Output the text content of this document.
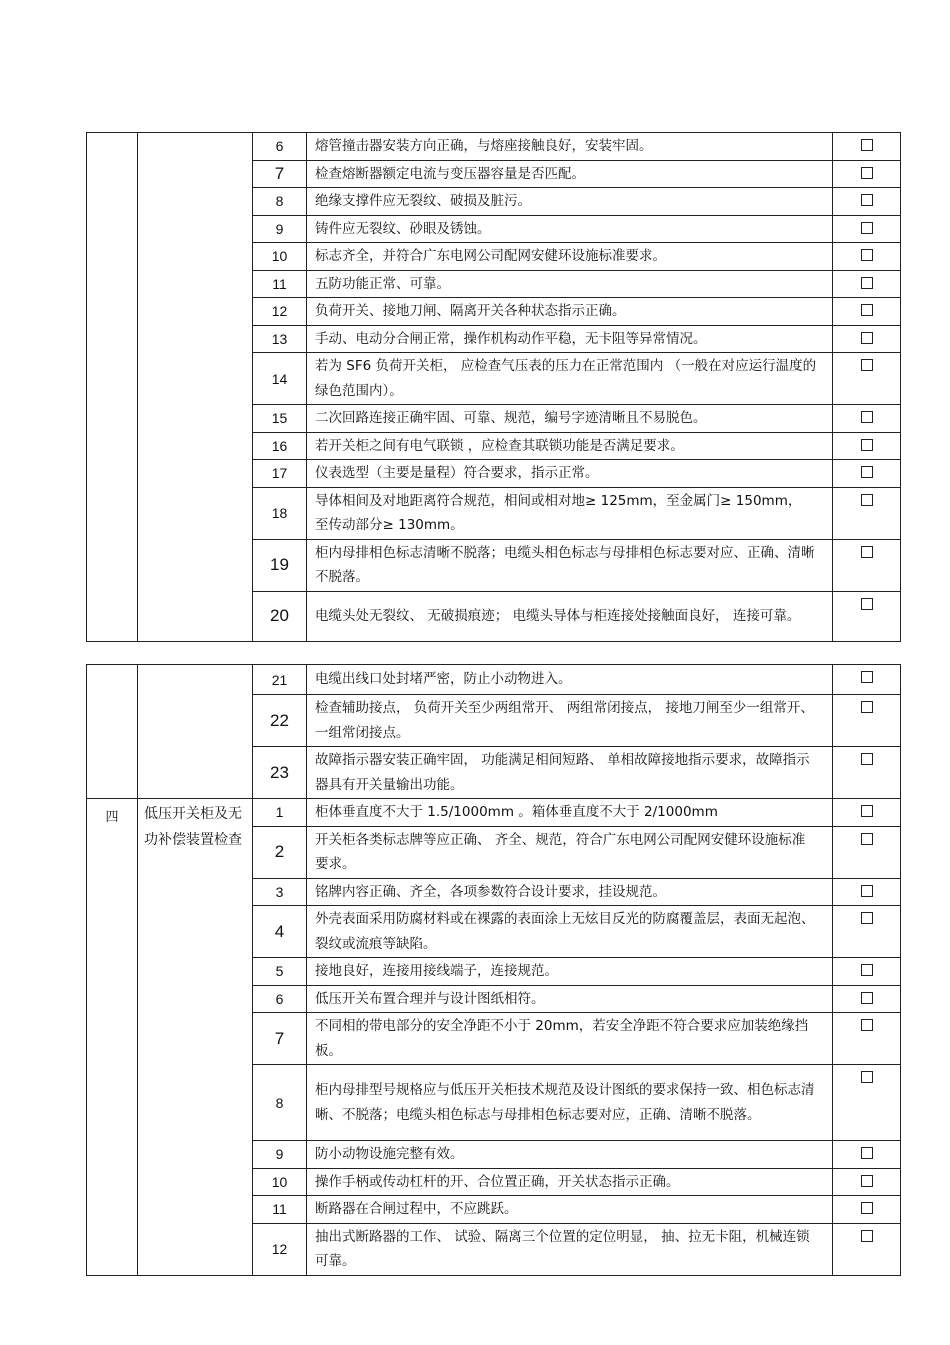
		6	熔管撞击器安装方向正确，与熔座接触良好，安装牢固。	
		7	检查熔断器额定电流与变压器容量是否匹配。	
		8	绝缘支撑件应无裂纹、破损及脏污。	
		9	铸件应无裂纹、砂眼及锈蚀。	
		10	标志齐全，并符合广东电网公司配网安健环设施标准要求。	
		11	五防功能正常、可靠。	
		12	负荷开关、接地刀闸、隔离开关各种状态指示正确。	
		13	手动、电动分合闸正常，操作机构动作平稳，无卡阻等异常情况。	
		14	若为 SF6 负荷开关柜， 应检查气压表的压力在正常范围内 （一般在对应运行温度的绿色范围内）。	
		15	二次回路连接正确牢固、可靠、规范，编号字迹清晰且不易脱色。	
		16	若开关柜之间有电气联锁 ，应检查其联锁功能是否满足要求。	
		17	仪表选型（主要是量程）符合要求，指示正常。	
		18	导体相间及对地距离符合规范，相间或相对地≥ 125mm，至金属门≥ 150mm， 至传动部分≥ 130mm。	
		19	柜内母排相色标志清晰不脱落；电缆头相色标志与母排相色标志要对应、正确、清晰不脱落。	
		20	电缆头处无裂纹、 无破损痕迹； 电缆头导体与柜连接处接触面良好， 连接可靠。	
		21	电缆出线口处封堵严密，防止小动物进入。	
		22	检查辅助接点， 负荷开关至少两组常开、 两组常闭接点， 接地刀闸至少一组常开、一组常闭接点。	
		23	故障指示器安装正确牢固， 功能满足相间短路、 单相故障接地指示要求，故障指示器具有开关量输出功能。	
四	低压开关柜及无功补偿装置检查	1	柜体垂直度不大于 1.5/1000mm 。箱体垂直度不大于 2/1000mm	
		2	开关柜各类标志牌等应正确、 齐全、规范，符合广东电网公司配网安健环设施标准要求。	
		3	铭牌内容正确、齐全，各项参数符合设计要求，挂设规范。	
		4	外壳表面采用防腐材料或在裸露的表面涂上无炫目反光的防腐覆盖层，表面无起泡、裂纹或流痕等缺陷。	
		5	接地良好，连接用接线端子，连接规范。	
		6	低压开关布置合理并与设计图纸相符。	
		7	不同相的带电部分的安全净距不小于 20mm，若安全净距不符合要求应加装绝缘挡板。	
		8	柜内母排型号规格应与低压开关柜技术规范及设计图纸的要求保持一致、相色标志清晰、不脱落；电缆头相色标志与母排相色标志要对应，正确、清晰不脱落。	
		9	防小动物设施完整有效。	
		10	操作手柄或传动杠杆的开、合位置正确，开关状态指示正确。	
		11	断路器在合闸过程中，不应跳跃。	
		12	抽出式断路器的工作、 试验、隔离三个位置的定位明显， 抽、拉无卡阻，机械连锁可靠。	
